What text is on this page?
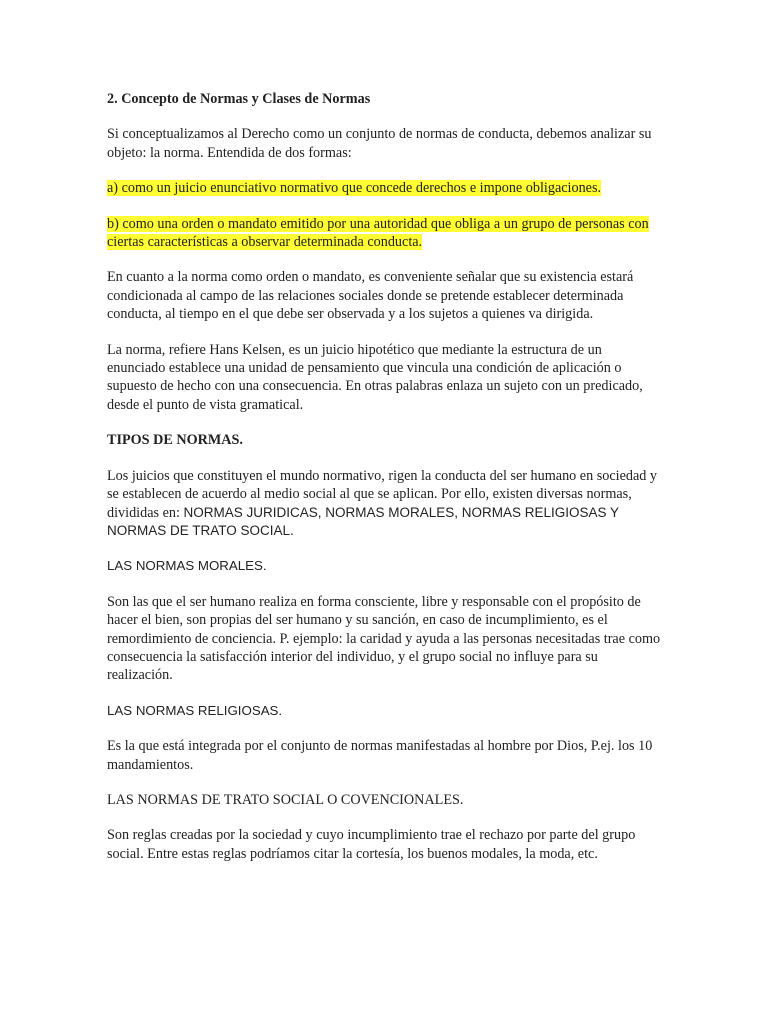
2. Concepto de Normas y Clases de Normas

Si conceptualizamos al Derecho como un conjunto de normas de conducta, debemos analizar su objeto: la norma. Entendida de dos formas:

a) como un juicio enunciativo normativo que concede derechos e impone obligaciones.

b) como una orden o mandato emitido por una autoridad que obliga a un grupo de personas con ciertas características a observar determinada conducta.

En cuanto a la norma como orden o mandato, es conveniente señalar que su existencia estará condicionada al campo de las relaciones sociales donde se pretende establecer determinada conducta, al tiempo en el que debe ser observada y a los sujetos a quienes va dirigida.

La norma, refiere Hans Kelsen, es un juicio hipotético que mediante la estructura de un enunciado establece una unidad de pensamiento que vincula una condición de aplicación o supuesto de hecho con una consecuencia. En otras palabras enlaza un sujeto con un predicado, desde el punto de vista gramatical.

TIPOS DE NORMAS.

Los juicios que constituyen el mundo normativo, rigen la conducta del ser humano en sociedad y se establecen de acuerdo al medio social al que se aplican. Por ello, existen diversas normas, divididas en: NORMAS JURIDICAS, NORMAS MORALES, NORMAS RELIGIOSAS Y NORMAS DE TRATO SOCIAL.

LAS NORMAS MORALES.

Son las que el ser humano realiza en forma consciente, libre y responsable con el propósito de hacer el bien, son propias del ser humano y su sanción, en caso de incumplimiento, es el remordimiento de conciencia. P. ejemplo: la caridad y ayuda a las personas necesitadas trae como consecuencia la satisfacción interior del individuo, y el grupo social no influye para su realización.

LAS NORMAS RELIGIOSAS.

Es la que está integrada por el conjunto de normas manifestadas al hombre por Dios, P.ej. los 10 mandamientos.

LAS NORMAS DE TRATO SOCIAL O COVENCIONALES.

Son reglas creadas por la sociedad y cuyo incumplimiento trae el rechazo por parte del grupo social. Entre estas reglas podríamos citar la cortesía, los buenos modales, la moda, etc.
